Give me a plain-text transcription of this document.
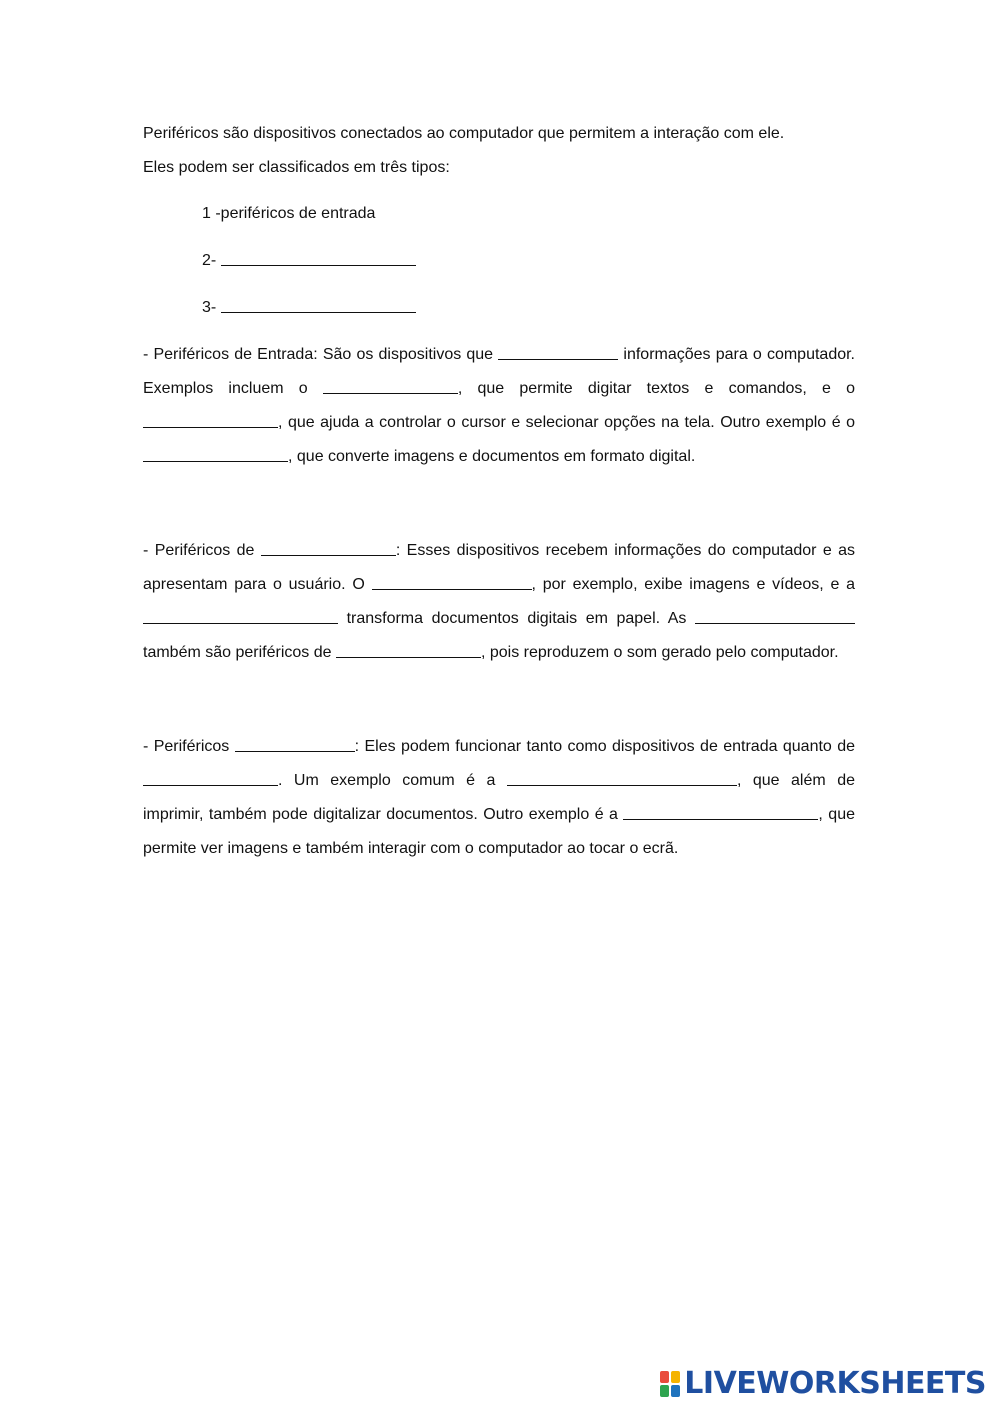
Periféricos são dispositivos conectados ao computador que permitem a interação com ele.

Eles podem ser classificados em três tipos:

1 -periféricos de entrada
2-
3-

- Periféricos de Entrada: São os dispositivos que	informações para o computador. Exemplos incluem o	, que permite digitar textos e comandos, e o , que ajuda a controlar o cursor e selecionar opções na tela. Outro exemplo é o , que converte imagens e documentos em formato digital.

- Periféricos de	: Esses dispositivos recebem informações do computador e as apresentam para o usuário. O	, por exemplo, exibe imagens e vídeos, e a  transforma documentos digitais em papel. As  também são periféricos de	, pois reproduzem o som gerado pelo computador.

- Periféricos	: Eles podem funcionar tanto como dispositivos de entrada quanto de . Um exemplo comum é a	, que além de imprimir, também pode digitalizar documentos. Outro exemplo é a	, que permite ver imagens e também interagir com o computador ao tocar o ecrã.

LIVEWORKSHEETS
